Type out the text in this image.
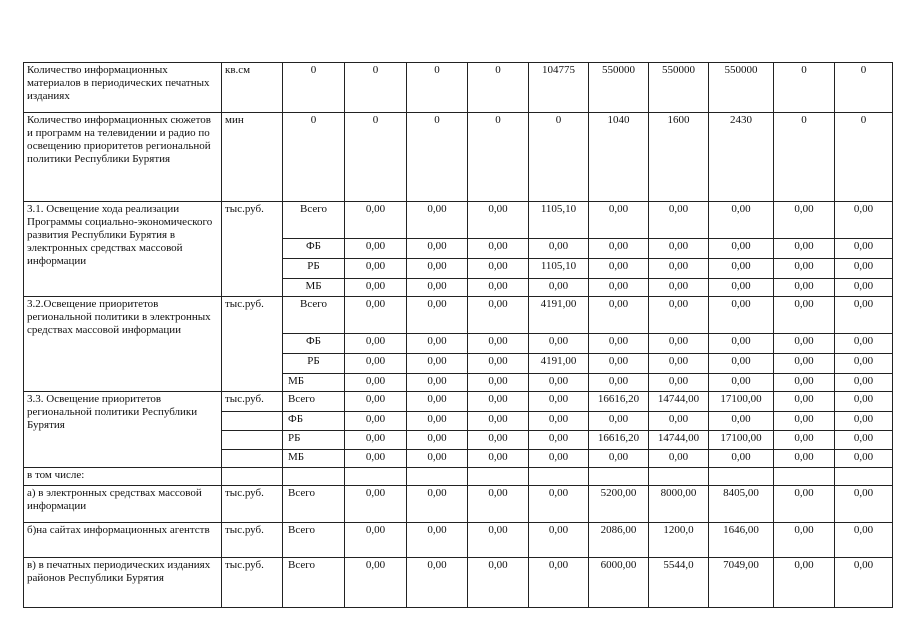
Количество информационных материалов в периодических печатных изданиях	кв.см	0	0	0	0	104775	550000	550000	550000	0	0
Количество информационных сюжетов и программ на телевидении и радио по освещению приоритетов региональной политики Республики Бурятия	мин	0	0	0	0	0	1040	1600	2430	0	0
3.1. Освещение хода реализации Программы социально-экономического развития Республики Бурятия в электронных средствах массовой информации	тыс.руб.	Всего	0,00	0,00	0,00	1105,10	0,00	0,00	0,00	0,00	0,00
		ФБ	0,00	0,00	0,00	0,00	0,00	0,00	0,00	0,00	0,00
		РБ	0,00	0,00	0,00	1105,10	0,00	0,00	0,00	0,00	0,00
		МБ	0,00	0,00	0,00	0,00	0,00	0,00	0,00	0,00	0,00
3.2.Освещение приоритетов региональной политики в электронных средствах массовой информации	тыс.руб.	Всего	0,00	0,00	0,00	4191,00	0,00	0,00	0,00	0,00	0,00
		ФБ	0,00	0,00	0,00	0,00	0,00	0,00	0,00	0,00	0,00
		РБ	0,00	0,00	0,00	4191,00	0,00	0,00	0,00	0,00	0,00
		МБ	0,00	0,00	0,00	0,00	0,00	0,00	0,00	0,00	0,00
3.3. Освещение приоритетов региональной политики Республики Бурятия	тыс.руб.	Всего	0,00	0,00	0,00	0,00	16616,20	14744,00	17100,00	0,00	0,00
		ФБ	0,00	0,00	0,00	0,00	0,00	0,00	0,00	0,00	0,00
		РБ	0,00	0,00	0,00	0,00	16616,20	14744,00	17100,00	0,00	0,00
		МБ	0,00	0,00	0,00	0,00	0,00	0,00	0,00	0,00	0,00
в том числе:											
а) в электронных средствах массовой информации	тыс.руб.	Всего	0,00	0,00	0,00	0,00	5200,00	8000,00	8405,00	0,00	0,00
б)на сайтах информационных агентств	тыс.руб.	Всего	0,00	0,00	0,00	0,00	2086,00	1200,0	1646,00	0,00	0,00
в) в печатных периодических изданиях районов Республики Бурятия	тыс.руб.	Всего	0,00	0,00	0,00	0,00	6000,00	5544,0	7049,00	0,00	0,00
